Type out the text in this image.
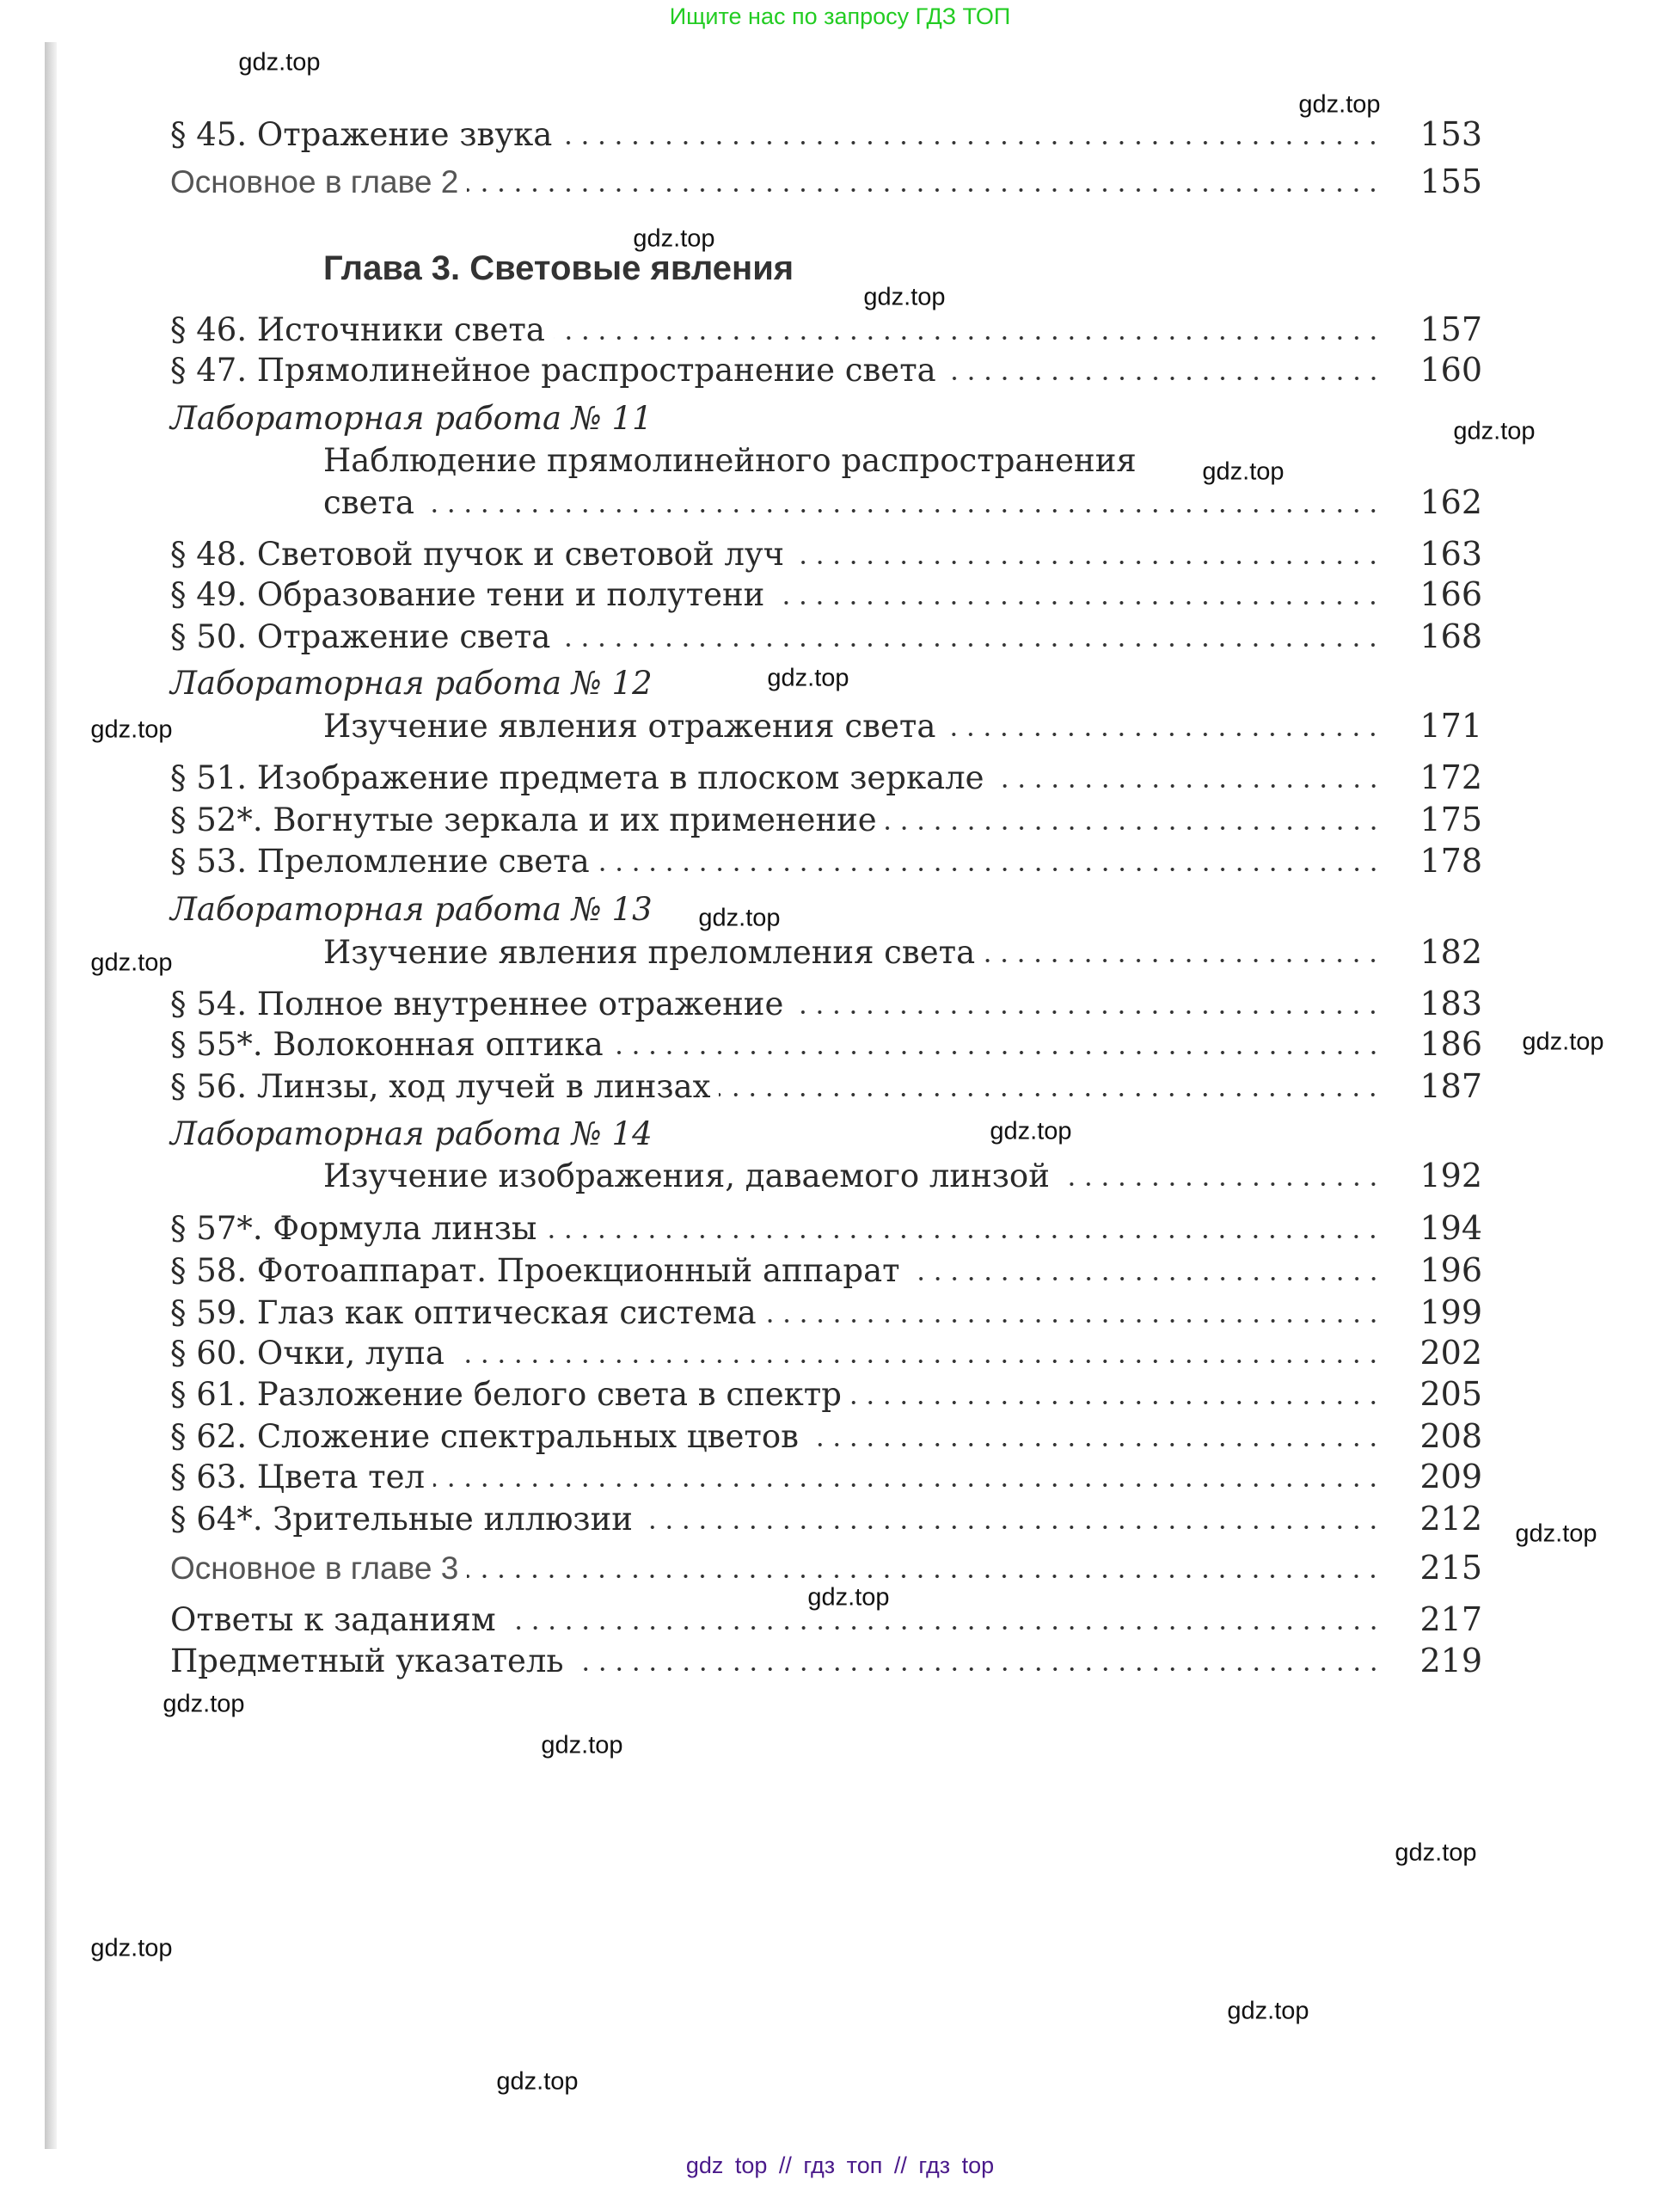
Ищите нас по запросу ГДЗ ТОП
Глава 3. Световые явления
§ 45. Отражение звука	153
Основное в главе 2	155
§ 46. Источники света	157
§ 47. Прямолинейное распространение света	160
Лабораторная работа № 11
Наблюдение прямолинейного распространения
света	162
§ 48. Световой пучок и световой луч	163
§ 49. Образование тени и полутени	166
§ 50. Отражение света	168
Лабораторная работа № 12
Изучение явления отражения света	171
§ 51. Изображение предмета в плоском зеркале	172
§ 52*. Вогнутые зеркала и их применение	175
§ 53. Преломление света	178
Лабораторная работа № 13
Изучение явления преломления света	182
§ 54. Полное внутреннее отражение	183
§ 55*. Волоконная оптика	186
§ 56. Линзы, ход лучей в линзах	187
Лабораторная работа № 14
Изучение изображения, даваемого линзой	192
§ 57*. Формула линзы	194
§ 58. Фотоаппарат. Проекционный аппарат	196
§ 59. Глаз как оптическая система	199
§ 60. Очки, лупа	202
§ 61. Разложение белого света в спектр	205
§ 62. Сложение спектральных цветов	208
§ 63. Цвета тел	209
§ 64*. Зрительные иллюзии	212
Основное в главе 3	215
Ответы к заданиям	217
Предметный указатель	219
gdz.top
gdz.top
gdz.top
gdz.top
gdz.top
gdz.top
gdz.top
gdz.top
gdz.top
gdz.top
gdz.top
gdz.top
gdz.top
gdz.top
gdz.top
gdz.top
gdz.top
gdz.top
gdz.top
gdz.top
gdz top // гдз топ // гдз top
